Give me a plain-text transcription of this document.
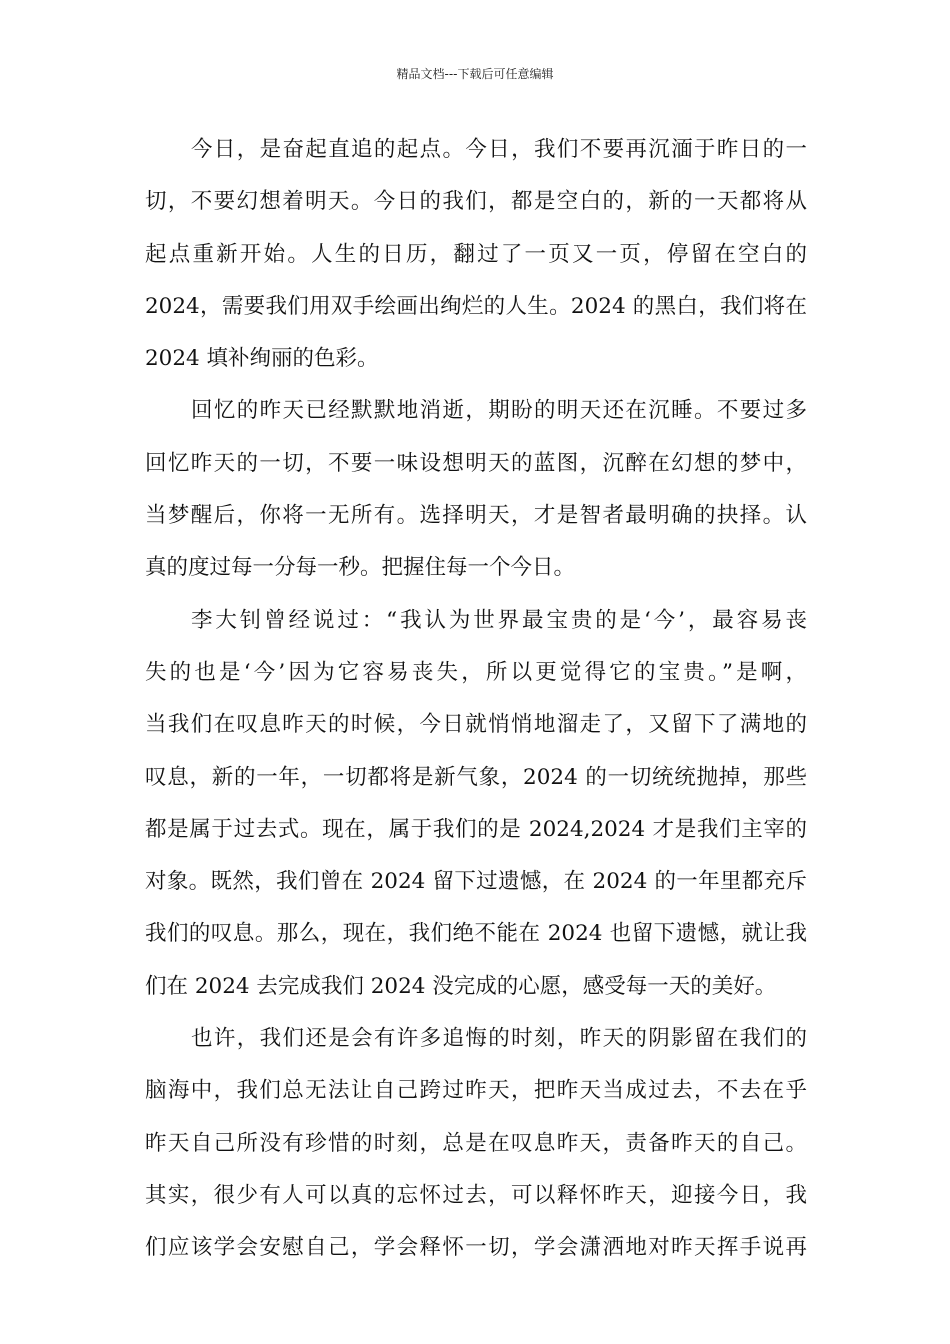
精品文档---下载后可任意编辑
今日，是奋起直追的起点。今日，我们不要再沉湎于昨日的一
切，不要幻想着明天。今日的我们，都是空白的，新的一天都将从
起点重新开始。人生的日历，翻过了一页又一页，停留在空白的
2024，需要我们用双手绘画出绚烂的人生。2024 的黑白，我们将在
2024 填补绚丽的色彩。
回忆的昨天已经默默地消逝，期盼的明天还在沉睡。不要过多
回忆昨天的一切，不要一味设想明天的蓝图，沉醉在幻想的梦中，
当梦醒后，你将一无所有。选择明天，才是智者最明确的抉择。认
真的度过每一分每一秒。把握住每一个今日。
李大钊曾经说过：“我认为世界最宝贵的是‘今’，最容易丧
失的也是‘今’因为它容易丧失，所以更觉得它的宝贵。”是啊，
当我们在叹息昨天的时候，今日就悄悄地溜走了，又留下了满地的
叹息，新的一年，一切都将是新气象，2024 的一切统统抛掉，那些
都是属于过去式。现在，属于我们的是 2024,2024 才是我们主宰的
对象。既然，我们曾在 2024 留下过遗憾，在 2024 的一年里都充斥
我们的叹息。那么，现在，我们绝不能在 2024 也留下遗憾，就让我
们在 2024 去完成我们 2024 没完成的心愿，感受每一天的美好。
也许，我们还是会有许多追悔的时刻，昨天的阴影留在我们的
脑海中，我们总无法让自己跨过昨天，把昨天当成过去，不去在乎
昨天自己所没有珍惜的时刻，总是在叹息昨天，责备昨天的自己。
其实，很少有人可以真的忘怀过去，可以释怀昨天，迎接今日，我
们应该学会安慰自己，学会释怀一切，学会潇洒地对昨天挥手说再
